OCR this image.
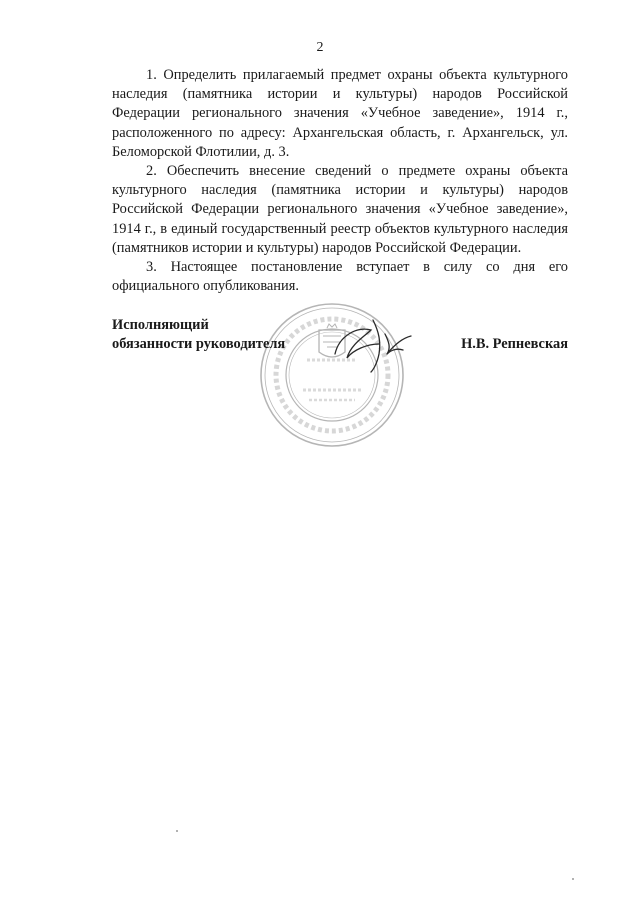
2

1. Определить прилагаемый предмет охраны объекта культурного наследия (памятника истории и культуры) народов Российской Федерации регионального значения «Учебное заведение», 1914 г., расположенного по адресу: Архангельская область, г. Архангельск, ул. Беломорской Флотилии, д. 3.

2. Обеспечить внесение сведений о предмете охраны объекта культурного наследия (памятника истории и культуры) народов Российской Федерации регионального значения «Учебное заведение», 1914 г., в единый государственный реестр объектов культурного наследия (памятников истории и культуры) народов Российской Федерации.

3. Настоящее постановление вступает в силу со дня его официального опубликования.

Исполняющий
обязанности руководителя	Н.В. Репневская
